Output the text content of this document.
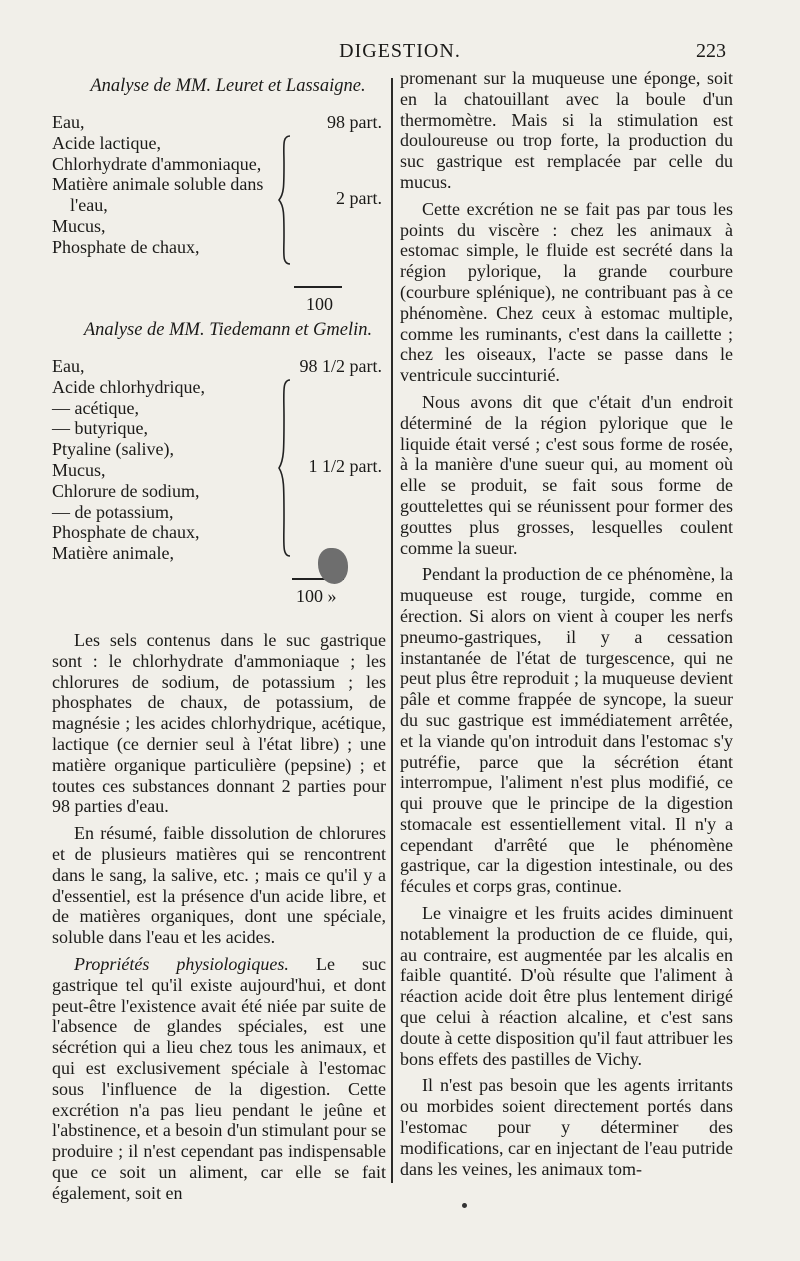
DIGESTION.	223
Analyse de MM. Leuret et Lassaigne.
Eau,	98 part.
Acide lactique,
Chlorhydrate d'ammoniaque,
Matière animale soluble dans
l'eau,
Mucus,
Phosphate de chaux,
2 part.
100
Analyse de MM. Tiedemann et Gmelin.
Eau,	98 1/2 part.
Acide chlorhydrique,
— acétique,
— butyrique,
Ptyaline (salive),
Mucus,
Chlorure de sodium,
— de potassium,
Phosphate de chaux,
Matière animale,
1 1/2 part.
100 »

Les sels contenus dans le suc gastrique sont : le chlorhydrate d'ammoniaque ; les chlorures de sodium, de potassium ; les phosphates de chaux, de potassium, de magnésie ; les acides chlorhydrique, acétique, lactique (ce dernier seul à l'état libre) ; une matière organique particulière (pepsine) ; et toutes ces substances donnant 2 parties pour 98 parties d'eau.

En résumé, faible dissolution de chlorures et de plusieurs matières qui se rencontrent dans le sang, la salive, etc. ; mais ce qu'il y a d'essentiel, est la présence d'un acide libre, et de matières organiques, dont une spéciale, soluble dans l'eau et les acides.

Propriétés physiologiques. Le suc gastrique tel qu'il existe aujourd'hui, et dont peut-être l'existence avait été niée par suite de l'absence de glandes spéciales, est une sécrétion qui a lieu chez tous les animaux, et qui est exclusivement spéciale à l'estomac sous l'influence de la digestion. Cette excrétion n'a pas lieu pendant le jeûne et l'abstinence, et a besoin d'un stimulant pour se produire ; il n'est cependant pas indispensable que ce soit un aliment, car elle se fait également, soit en

promenant sur la muqueuse une éponge, soit en la chatouillant avec la boule d'un thermomètre. Mais si la stimulation est douloureuse ou trop forte, la production du suc gastrique est remplacée par celle du mucus.

Cette excrétion ne se fait pas par tous les points du viscère : chez les animaux à estomac simple, le fluide est secrété dans la région pylorique, la grande courbure (courbure splénique), ne contribuant pas à ce phénomène. Chez ceux à estomac multiple, comme les ruminants, c'est dans la caillette ; chez les oiseaux, l'acte se passe dans le ventricule succinturié.

Nous avons dit que c'était d'un endroit déterminé de la région pylorique que le liquide était versé ; c'est sous forme de rosée, à la manière d'une sueur qui, au moment où elle se produit, se fait sous forme de gouttelettes qui se réunissent pour former des gouttes plus grosses, lesquelles coulent comme la sueur.

Pendant la production de ce phénomène, la muqueuse est rouge, turgide, comme en érection. Si alors on vient à couper les nerfs pneumo-gastriques, il y a cessation instantanée de l'état de turgescence, qui ne peut plus être reproduit ; la muqueuse devient pâle et comme frappée de syncope, la sueur du suc gastrique est immédiatement arrêtée, et la viande qu'on introduit dans l'estomac s'y putréfie, parce que la sécrétion étant interrompue, l'aliment n'est plus modifié, ce qui prouve que le principe de la digestion stomacale est essentiellement vital. Il n'y a cependant d'arrêté que le phénomène gastrique, car la digestion intestinale, ou des fécules et corps gras, continue.

Le vinaigre et les fruits acides diminuent notablement la production de ce fluide, qui, au contraire, est augmentée par les alcalis en faible quantité. D'où résulte que l'aliment à réaction acide doit être plus lentement dirigé que celui à réaction alcaline, et c'est sans doute à cette disposition qu'il faut attribuer les bons effets des pastilles de Vichy.

Il n'est pas besoin que les agents irritants ou morbides soient directement portés dans l'estomac pour y déterminer des modifications, car en injectant de l'eau putride dans les veines, les animaux tom-
